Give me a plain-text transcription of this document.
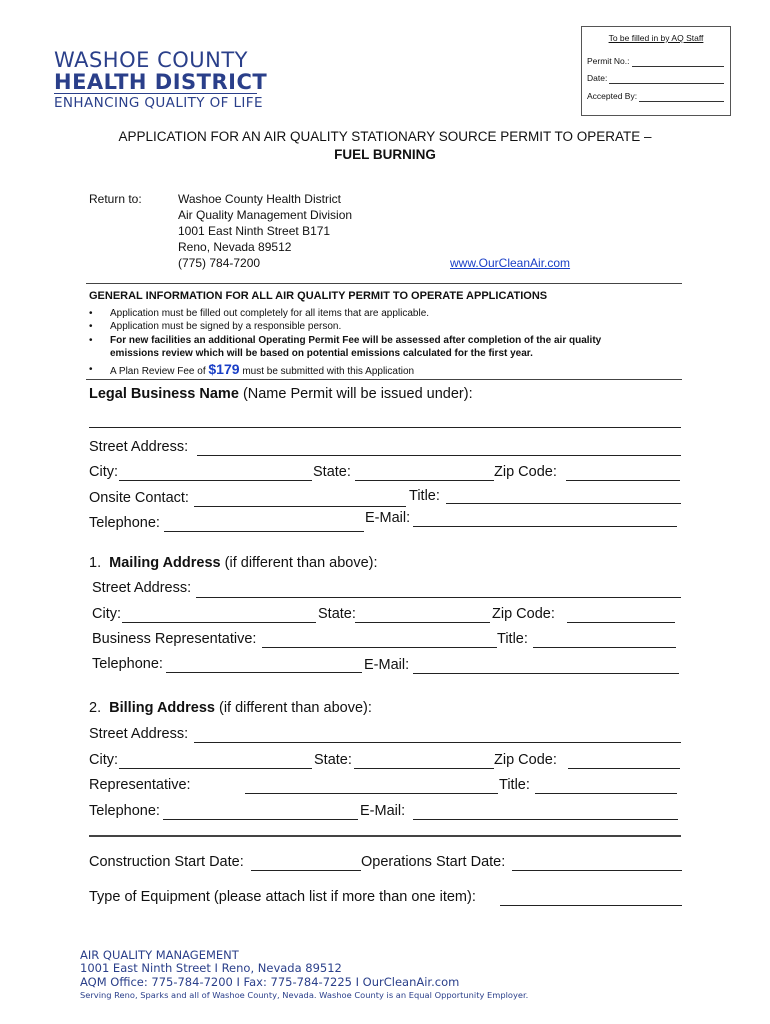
WASHOE COUNTY
HEALTH DISTRICT
ENHANCING QUALITY OF LIFE
To be filled in by AQ Staff
Permit No.:
Date:
Accepted By:
APPLICATION FOR AN AIR QUALITY STATIONARY SOURCE PERMIT TO OPERATE –
FUEL BURNING
Return to:	Washoe County Health District
Air Quality Management Division
1001 East Ninth Street B171
Reno, Nevada 89512
(775) 784-7200	www.OurCleanAir.com
GENERAL INFORMATION FOR ALL AIR QUALITY PERMIT TO OPERATE APPLICATIONS
• Application must be filled out completely for all items that are applicable.
• Application must be signed by a responsible person.
• For new facilities an additional Operating Permit Fee will be assessed after completion of the air quality
emissions review which will be based on potential emissions calculated for the first year.
• A Plan Review Fee of $179 must be submitted with this Application
Legal Business Name (Name Permit will be issued under):
Street Address:
City:	State:	Zip Code:
Onsite Contact:	Title:
Telephone:	E-Mail:
1. Mailing Address (if different than above):
Street Address:
City:	State:	Zip Code:
Business Representative:	Title:
Telephone:	E-Mail:
2. Billing Address (if different than above):
Street Address:
City:	State:	Zip Code:
Representative:	Title:
Telephone:	E-Mail:
Construction Start Date:	Operations Start Date:
Type of Equipment (please attach list if more than one item):
AIR QUALITY MANAGEMENT
1001 East Ninth Street I Reno, Nevada 89512
AQM Office: 775-784-7200 I Fax: 775-784-7225 I OurCleanAir.com
Serving Reno, Sparks and all of Washoe County, Nevada. Washoe County is an Equal Opportunity Employer.
